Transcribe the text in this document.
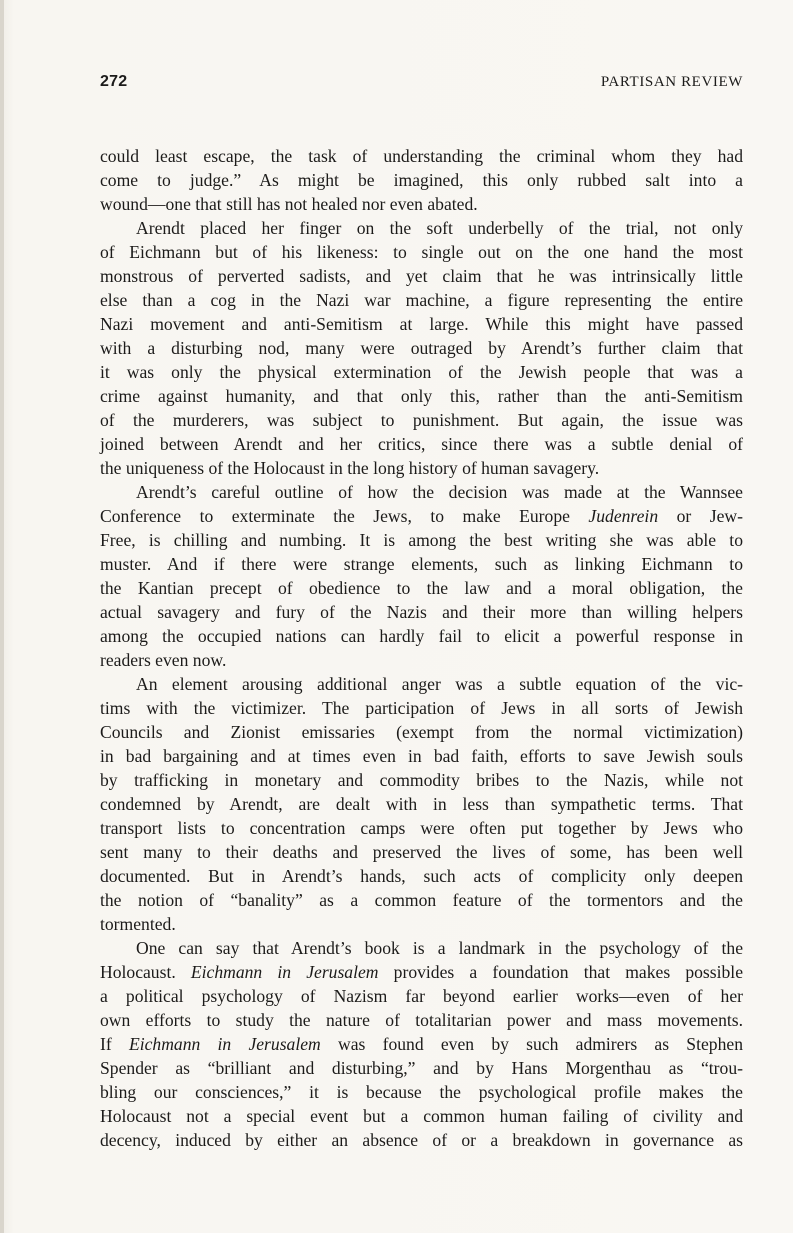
272	PARTISAN REVIEW
could least escape, the task of understanding the criminal whom they had
come to judge.” As might be imagined, this only rubbed salt into a
wound—one that still has not healed nor even abated.
Arendt placed her finger on the soft underbelly of the trial, not only
of Eichmann but of his likeness: to single out on the one hand the most
monstrous of perverted sadists, and yet claim that he was intrinsically little
else than a cog in the Nazi war machine, a figure representing the entire
Nazi movement and anti-Semitism at large. While this might have passed
with a disturbing nod, many were outraged by Arendt’s further claim that
it was only the physical extermination of the Jewish people that was a
crime against humanity, and that only this, rather than the anti-Semitism
of the murderers, was subject to punishment. But again, the issue was
joined between Arendt and her critics, since there was a subtle denial of
the uniqueness of the Holocaust in the long history of human savagery.
Arendt’s careful outline of how the decision was made at the Wannsee
Conference to exterminate the Jews, to make Europe Judenrein or Jew-
Free, is chilling and numbing. It is among the best writing she was able to
muster. And if there were strange elements, such as linking Eichmann to
the Kantian precept of obedience to the law and a moral obligation, the
actual savagery and fury of the Nazis and their more than willing helpers
among the occupied nations can hardly fail to elicit a powerful response in
readers even now.
An element arousing additional anger was a subtle equation of the vic-
tims with the victimizer. The participation of Jews in all sorts of Jewish
Councils and Zionist emissaries (exempt from the normal victimization)
in bad bargaining and at times even in bad faith, efforts to save Jewish souls
by trafficking in monetary and commodity bribes to the Nazis, while not
condemned by Arendt, are dealt with in less than sympathetic terms. That
transport lists to concentration camps were often put together by Jews who
sent many to their deaths and preserved the lives of some, has been well
documented. But in Arendt’s hands, such acts of complicity only deepen
the notion of “banality” as a common feature of the tormentors and the
tormented.
One can say that Arendt’s book is a landmark in the psychology of the
Holocaust. Eichmann in Jerusalem provides a foundation that makes possible
a political psychology of Nazism far beyond earlier works—even of her
own efforts to study the nature of totalitarian power and mass movements.
If Eichmann in Jerusalem was found even by such admirers as Stephen
Spender as “brilliant and disturbing,” and by Hans Morgenthau as “trou-
bling our consciences,” it is because the psychological profile makes the
Holocaust not a special event but a common human failing of civility and
decency, induced by either an absence of or a breakdown in governance as
